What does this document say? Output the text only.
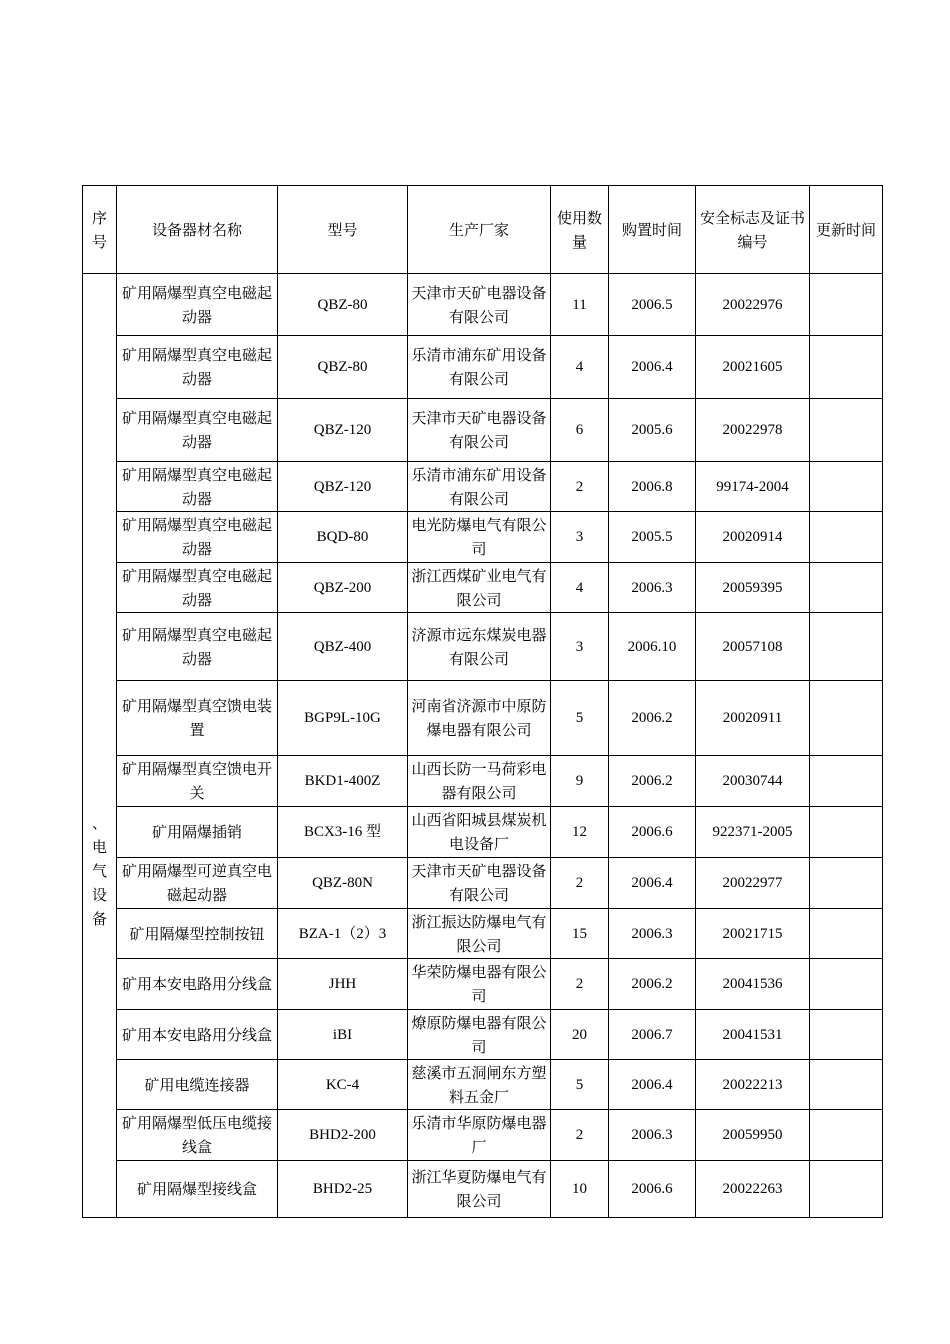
序号	设备器材名称	型号	生产厂家	使用数量	购置时间	安全标志及证书编号	更新时间
、电气设备	矿用隔爆型真空电磁起动器	QBZ-80	天津市天矿电器设备有限公司	11	2006.5	20022976	

	矿用隔爆型真空电磁起动器	QBZ-80	乐清市浦东矿用设备有限公司	4	2006.4	20021605	

	矿用隔爆型真空电磁起动器	QBZ-120	天津市天矿电器设备有限公司	6	2005.6	20022978	

	矿用隔爆型真空电磁起动器	QBZ-120	乐清市浦东矿用设备有限公司	2	2006.8	99174-2004	

	矿用隔爆型真空电磁起动器	BQD-80	电光防爆电气有限公司	3	2005.5	20020914	

	矿用隔爆型真空电磁起动器	QBZ-200	浙江西煤矿业电气有限公司	4	2006.3	20059395	

	矿用隔爆型真空电磁起动器	QBZ-400	济源市远东煤炭电器有限公司	3	2006.10	20057108	

	矿用隔爆型真空馈电装置	BGP9L-10G	河南省济源市中原防爆电器有限公司	5	2006.2	20020911	

	矿用隔爆型真空馈电开关	BKD1-400Z	山西长防一马荷彩电器有限公司	9	2006.2	20030744	

	矿用隔爆插销	BCX3-16 型	山西省阳城县煤炭机电设备厂	12	2006.6	922371-2005	

	矿用隔爆型可逆真空电磁起动器	QBZ-80N	天津市天矿电器设备有限公司	2	2006.4	20022977	

	矿用隔爆型控制按钮	BZA-1（2）3	浙江振达防爆电气有限公司	15	2006.3	20021715	

	矿用本安电路用分线盒	JHH	华荣防爆电器有限公司	2	2006.2	20041536	

	矿用本安电路用分线盒	iBI	燎原防爆电器有限公司	20	2006.7	20041531	

	矿用电缆连接器	KC-4	慈溪市五洞闸东方塑料五金厂	5	2006.4	20022213	

	矿用隔爆型低压电缆接线盒	BHD2-200	乐清市华原防爆电器厂	2	2006.3	20059950	

	矿用隔爆型接线盒	BHD2-25	浙江华夏防爆电气有限公司	10	2006.6	20022263	
